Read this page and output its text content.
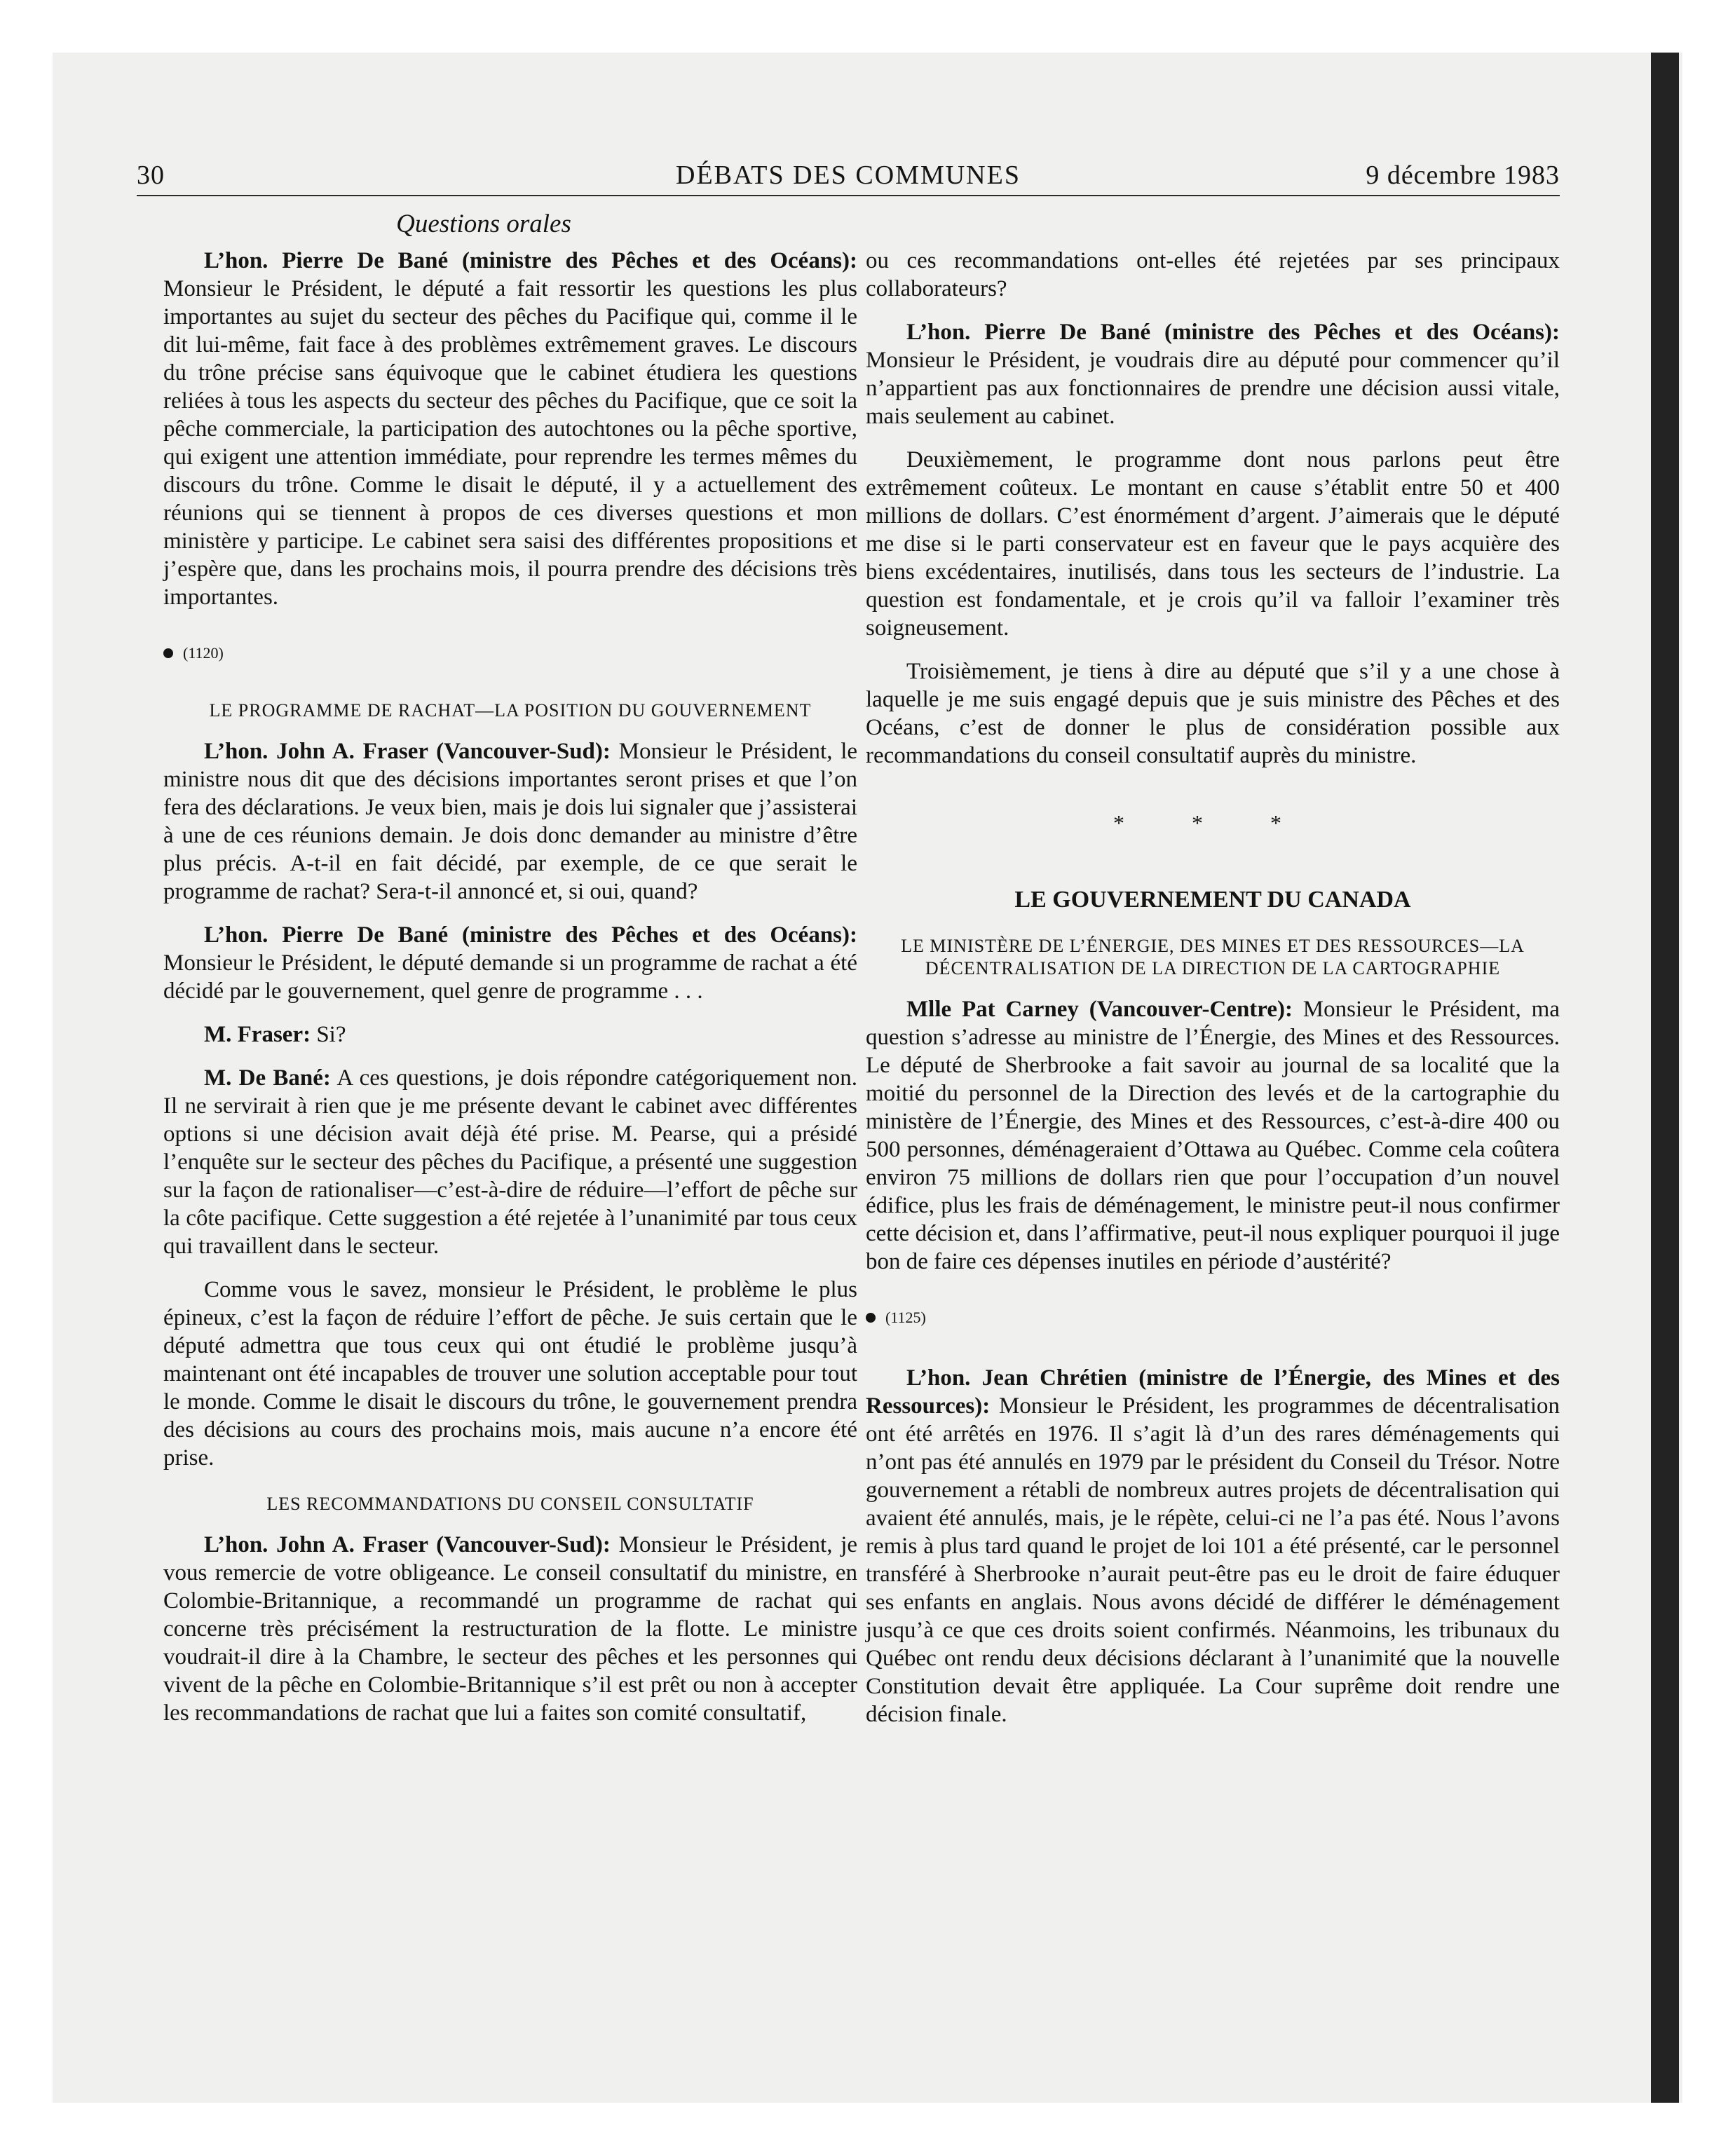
DÉBATS DES COMMUNES
30	9 décembre 1983
Questions orales

L’hon. Pierre De Bané (ministre des Pêches et des Océans): Monsieur le Président, le député a fait ressortir les questions les plus importantes au sujet du secteur des pêches du Pacifique qui, comme il le dit lui-même, fait face à des problèmes extrêmement graves. Le discours du trône précise sans équivoque que le cabinet étudiera les questions reliées à tous les aspects du secteur des pêches du Pacifique, que ce soit la pêche commerciale, la participation des autochtones ou la pêche sportive, qui exigent une attention immédiate, pour reprendre les termes mêmes du discours du trône. Comme le disait le député, il y a actuellement des réunions qui se tiennent à propos de ces diverses questions et mon ministère y participe. Le cabinet sera saisi des différentes propositions et j’espère que, dans les prochains mois, il pourra prendre des décisions très importantes.

(1120)
LE PROGRAMME DE RACHAT—LA POSITION DU GOUVERNEMENT

L’hon. John A. Fraser (Vancouver-Sud): Monsieur le Président, le ministre nous dit que des décisions importantes seront prises et que l’on fera des déclarations. Je veux bien, mais je dois lui signaler que j’assisterai à une de ces réunions demain. Je dois donc demander au ministre d’être plus précis. A-t-il en fait décidé, par exemple, de ce que serait le programme de rachat? Sera-t-il annoncé et, si oui, quand?

L’hon. Pierre De Bané (ministre des Pêches et des Océans): Monsieur le Président, le député demande si un programme de rachat a été décidé par le gouvernement, quel genre de programme . . .

M. Fraser: Si?

M. De Bané: A ces questions, je dois répondre catégoriquement non. Il ne servirait à rien que je me présente devant le cabinet avec différentes options si une décision avait déjà été prise. M. Pearse, qui a présidé l’enquête sur le secteur des pêches du Pacifique, a présenté une suggestion sur la façon de rationaliser—c’est-à-dire de réduire—l’effort de pêche sur la côte pacifique. Cette suggestion a été rejetée à l’unanimité par tous ceux qui travaillent dans le secteur.

Comme vous le savez, monsieur le Président, le problème le plus épineux, c’est la façon de réduire l’effort de pêche. Je suis certain que le député admettra que tous ceux qui ont étudié le problème jusqu’à maintenant ont été incapables de trouver une solution acceptable pour tout le monde. Comme le disait le discours du trône, le gouvernement prendra des décisions au cours des prochains mois, mais aucune n’a encore été prise.

LES RECOMMANDATIONS DU CONSEIL CONSULTATIF

L’hon. John A. Fraser (Vancouver-Sud): Monsieur le Président, je vous remercie de votre obligeance. Le conseil consultatif du ministre, en Colombie-Britannique, a recommandé un programme de rachat qui concerne très précisément la restructuration de la flotte. Le ministre voudrait-il dire à la Chambre, le secteur des pêches et les personnes qui vivent de la pêche en Colombie-Britannique s’il est prêt ou non à accepter les recommandations de rachat que lui a faites son comité consultatif,

ou ces recommandations ont-elles été rejetées par ses principaux collaborateurs?

L’hon. Pierre De Bané (ministre des Pêches et des Océans): Monsieur le Président, je voudrais dire au député pour commencer qu’il n’appartient pas aux fonctionnaires de prendre une décision aussi vitale, mais seulement au cabinet.

Deuxièmement, le programme dont nous parlons peut être extrêmement coûteux. Le montant en cause s’établit entre 50 et 400 millions de dollars. C’est énormément d’argent. J’aimerais que le député me dise si le parti conservateur est en faveur que le pays acquière des biens excédentaires, inutilisés, dans tous les secteurs de l’industrie. La question est fondamentale, et je crois qu’il va falloir l’examiner très soigneusement.

Troisièmement, je tiens à dire au député que s’il y a une chose à laquelle je me suis engagé depuis que je suis ministre des Pêches et des Océans, c’est de donner le plus de considération possible aux recommandations du conseil consultatif auprès du ministre.

* * *
LE GOUVERNEMENT DU CANADA
LE MINISTÈRE DE L’ÉNERGIE, DES MINES ET DES RESSOURCES—LA DÉCENTRALISATION DE LA DIRECTION DE LA CARTOGRAPHIE

Mlle Pat Carney (Vancouver-Centre): Monsieur le Président, ma question s’adresse au ministre de l’Énergie, des Mines et des Ressources. Le député de Sherbrooke a fait savoir au journal de sa localité que la moitié du personnel de la Direction des levés et de la cartographie du ministère de l’Énergie, des Mines et des Ressources, c’est-à-dire 400 ou 500 personnes, déménageraient d’Ottawa au Québec. Comme cela coûtera environ 75 millions de dollars rien que pour l’occupation d’un nouvel édifice, plus les frais de déménagement, le ministre peut-il nous confirmer cette décision et, dans l’affirmative, peut-il nous expliquer pourquoi il juge bon de faire ces dépenses inutiles en période d’austérité?

(1125)

L’hon. Jean Chrétien (ministre de l’Énergie, des Mines et des Ressources): Monsieur le Président, les programmes de décentralisation ont été arrêtés en 1976. Il s’agit là d’un des rares déménagements qui n’ont pas été annulés en 1979 par le président du Conseil du Trésor. Notre gouvernement a rétabli de nombreux autres projets de décentralisation qui avaient été annulés, mais, je le répète, celui-ci ne l’a pas été. Nous l’avons remis à plus tard quand le projet de loi 101 a été présenté, car le personnel transféré à Sherbrooke n’aurait peut-être pas eu le droit de faire éduquer ses enfants en anglais. Nous avons décidé de différer le déménagement jusqu’à ce que ces droits soient confirmés. Néanmoins, les tribunaux du Québec ont rendu deux décisions déclarant à l’unanimité que la nouvelle Constitution devait être appliquée. La Cour suprême doit rendre une décision finale.
